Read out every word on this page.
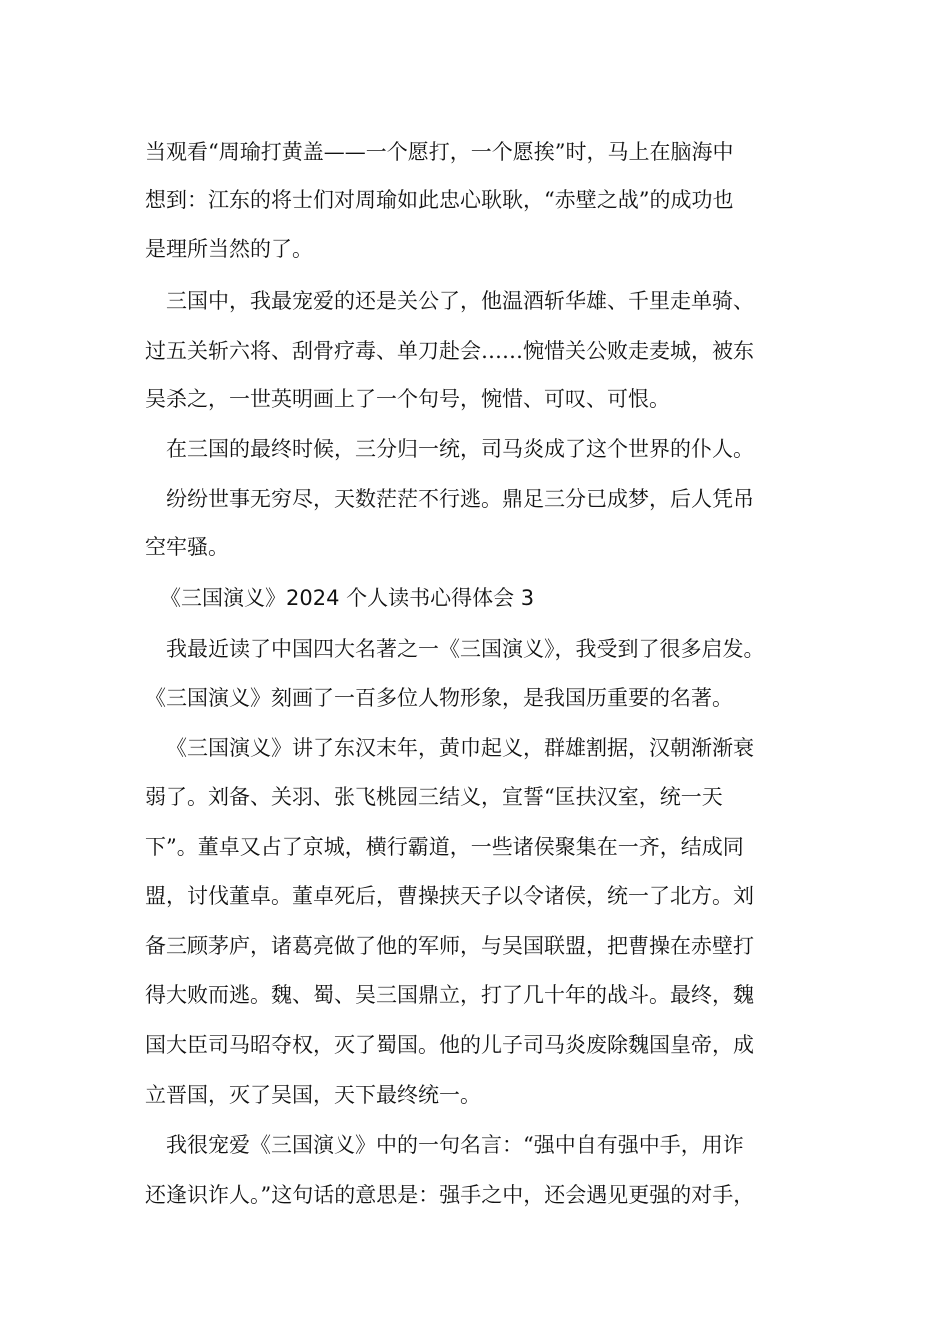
当观看“周瑜打黄盖——一个愿打，一个愿挨”时，马上在脑海中
想到：江东的将士们对周瑜如此忠心耿耿，“赤壁之战”的成功也
是理所当然的了。
三国中，我最宠爱的还是关公了，他温酒斩华雄、千里走单骑、
过五关斩六将、刮骨疗毒、单刀赴会……惋惜关公败走麦城，被东
吴杀之，一世英明画上了一个句号，惋惜、可叹、可恨。
在三国的最终时候，三分归一统，司马炎成了这个世界的仆人。
纷纷世事无穷尽，天数茫茫不行逃。鼎足三分已成梦，后人凭吊
空牢骚。
《三国演义》2024 个人读书心得体会 3
我最近读了中国四大名著之一《三国演义》，我受到了很多启发。
《三国演义》刻画了一百多位人物形象，是我国历重要的名著。
《三国演义》讲了东汉末年，黄巾起义，群雄割据，汉朝渐渐衰
弱了。刘备、关羽、张飞桃园三结义，宣誓“匡扶汉室，统一天
下”。董卓又占了京城，横行霸道，一些诸侯聚集在一齐，结成同
盟，讨伐董卓。董卓死后，曹操挟天子以令诸侯，统一了北方。刘
备三顾茅庐，诸葛亮做了他的军师，与吴国联盟，把曹操在赤壁打
得大败而逃。魏、蜀、吴三国鼎立，打了几十年的战斗。最终，魏
国大臣司马昭夺权，灭了蜀国。他的儿子司马炎废除魏国皇帝，成
立晋国，灭了吴国，天下最终统一。
我很宠爱《三国演义》中的一句名言：“强中自有强中手，用诈
还逢识诈人。”这句话的意思是：强手之中，还会遇见更强的对手，
